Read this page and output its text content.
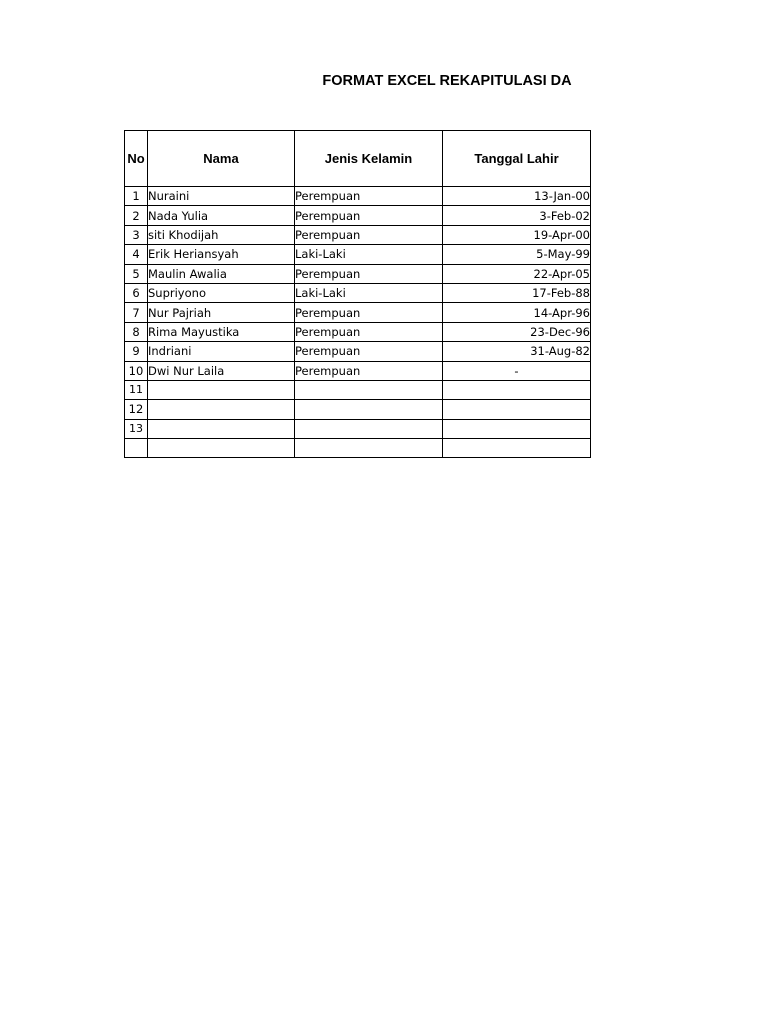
FORMAT EXCEL REKAPITULASI DA
No	Nama	Jenis Kelamin	Tanggal Lahir
1	Nuraini	Perempuan	13-Jan-00
2	Nada Yulia	Perempuan	3-Feb-02
3	siti Khodijah	Perempuan	19-Apr-00
4	Erik Heriansyah	Laki-Laki	5-May-99
5	Maulin Awalia	Perempuan	22-Apr-05
6	Supriyono	Laki-Laki	17-Feb-88
7	Nur Pajriah	Perempuan	14-Apr-96
8	Rima Mayustika	Perempuan	23-Dec-96
9	Indriani	Perempuan	31-Aug-82
10	Dwi Nur Laila	Perempuan	-
11			
12			
13			
